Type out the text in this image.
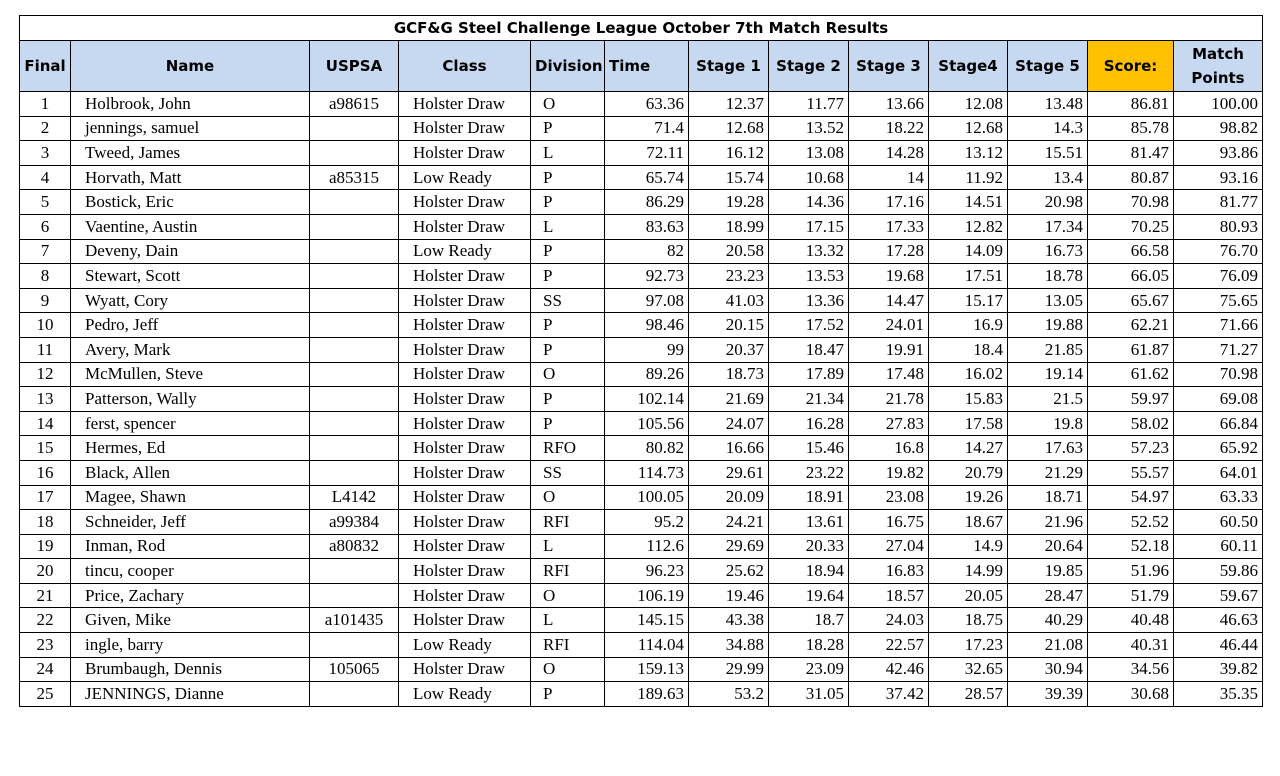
GCF&G Steel Challenge League October 7th Match Results												
Final	Name	USPSA	Class	Division	Time	Stage 1	Stage 2	Stage 3	Stage4	Stage 5	Score:	Match
Points
1	Holbrook, John	a98615	Holster Draw	O	63.36	12.37	11.77	13.66	12.08	13.48	86.81	100.00
2	jennings, samuel		Holster Draw	P	71.4	12.68	13.52	18.22	12.68	14.3	85.78	98.82
3	Tweed, James		Holster Draw	L	72.11	16.12	13.08	14.28	13.12	15.51	81.47	93.86
4	Horvath, Matt	a85315	Low Ready	P	65.74	15.74	10.68	14	11.92	13.4	80.87	93.16
5	Bostick, Eric		Holster Draw	P	86.29	19.28	14.36	17.16	14.51	20.98	70.98	81.77
6	Vaentine, Austin		Holster Draw	L	83.63	18.99	17.15	17.33	12.82	17.34	70.25	80.93
7	Deveny, Dain		Low Ready	P	82	20.58	13.32	17.28	14.09	16.73	66.58	76.70
8	Stewart, Scott		Holster Draw	P	92.73	23.23	13.53	19.68	17.51	18.78	66.05	76.09
9	Wyatt, Cory		Holster Draw	SS	97.08	41.03	13.36	14.47	15.17	13.05	65.67	75.65
10	Pedro, Jeff		Holster Draw	P	98.46	20.15	17.52	24.01	16.9	19.88	62.21	71.66
11	Avery, Mark		Holster Draw	P	99	20.37	18.47	19.91	18.4	21.85	61.87	71.27
12	McMullen, Steve		Holster Draw	O	89.26	18.73	17.89	17.48	16.02	19.14	61.62	70.98
13	Patterson, Wally		Holster Draw	P	102.14	21.69	21.34	21.78	15.83	21.5	59.97	69.08
14	ferst, spencer		Holster Draw	P	105.56	24.07	16.28	27.83	17.58	19.8	58.02	66.84
15	Hermes, Ed		Holster Draw	RFO	80.82	16.66	15.46	16.8	14.27	17.63	57.23	65.92
16	Black, Allen		Holster Draw	SS	114.73	29.61	23.22	19.82	20.79	21.29	55.57	64.01
17	Magee, Shawn	L4142	Holster Draw	O	100.05	20.09	18.91	23.08	19.26	18.71	54.97	63.33
18	Schneider, Jeff	a99384	Holster Draw	RFI	95.2	24.21	13.61	16.75	18.67	21.96	52.52	60.50
19	Inman, Rod	a80832	Holster Draw	L	112.6	29.69	20.33	27.04	14.9	20.64	52.18	60.11
20	tincu, cooper		Holster Draw	RFI	96.23	25.62	18.94	16.83	14.99	19.85	51.96	59.86
21	Price, Zachary		Holster Draw	O	106.19	19.46	19.64	18.57	20.05	28.47	51.79	59.67
22	Given, Mike	a101435	Holster Draw	L	145.15	43.38	18.7	24.03	18.75	40.29	40.48	46.63
23	ingle, barry		Low Ready	RFI	114.04	34.88	18.28	22.57	17.23	21.08	40.31	46.44
24	Brumbaugh, Dennis	105065	Holster Draw	O	159.13	29.99	23.09	42.46	32.65	30.94	34.56	39.82
25	JENNINGS, Dianne		Low Ready	P	189.63	53.2	31.05	37.42	28.57	39.39	30.68	35.35
